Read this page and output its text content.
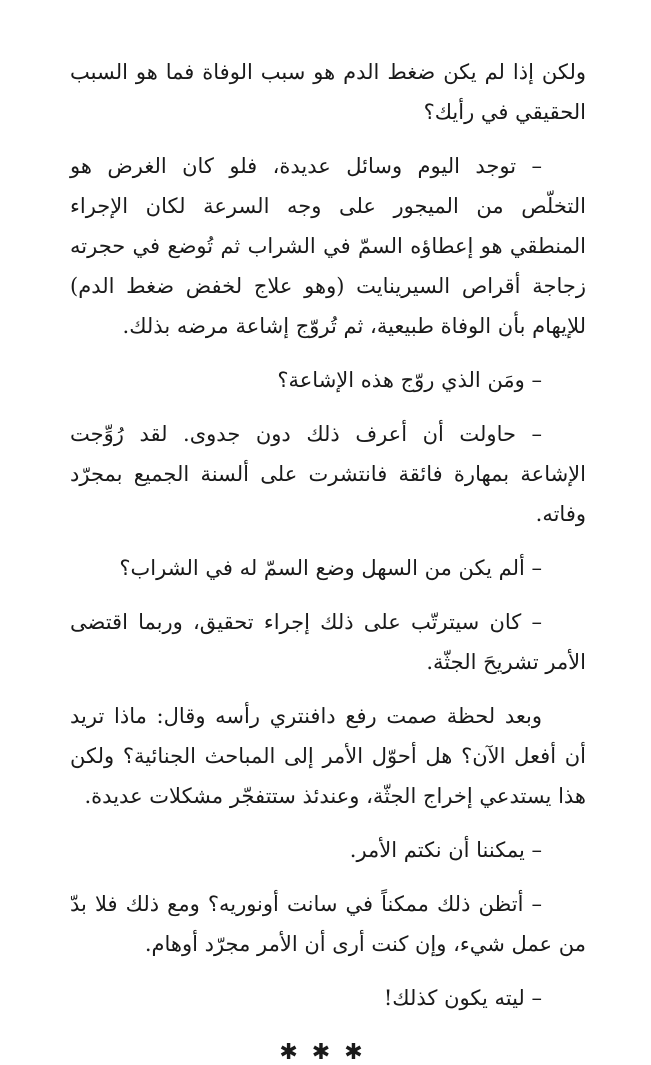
ولكن إذا لم يكن ضغط الدم هو سبب الوفاة فما هو السبب الحقيقي في رأيك؟

– توجد اليوم وسائل عديدة، فلو كان الغرض هو التخلّص من الميجور على وجه السرعة لكان الإجراء المنطقي هو إعطاؤه السمّ في الشراب ثم تُوضع في حجرته زجاجة أقراص السيرينايت (وهو علاج لخفض ضغط الدم) للإيهام بأن الوفاة طبيعية، ثم تُروّج إشاعة مرضه بذلك.

– ومَن الذي روّج هذه الإشاعة؟

– حاولت أن أعرف ذلك دون جدوى. لقد رُوِّجت الإشاعة بمهارة فائقة فانتشرت على ألسنة الجميع بمجرّد وفاته.

– ألم يكن من السهل وضع السمّ له في الشراب؟

– كان سيترتّب على ذلك إجراء تحقيق، وربما اقتضى الأمر تشريحَ الجثّة.

وبعد لحظة صمت رفع دافنتري رأسه وقال: ماذا تريد أن أفعل الآن؟ هل أحوّل الأمر إلى المباحث الجنائية؟ ولكن هذا يستدعي إخراج الجثّة، وعندئذ ستتفجّر مشكلات عديدة.

– يمكننا أن نكتم الأمر.

– أتظن ذلك ممكناً في سانت أونوريه؟ ومع ذلك فلا بدّ من عمل شيء، وإن كنت أرى أن الأمر مجرّد أوهام.

– ليته يكون كذلك!

✱✱✱
